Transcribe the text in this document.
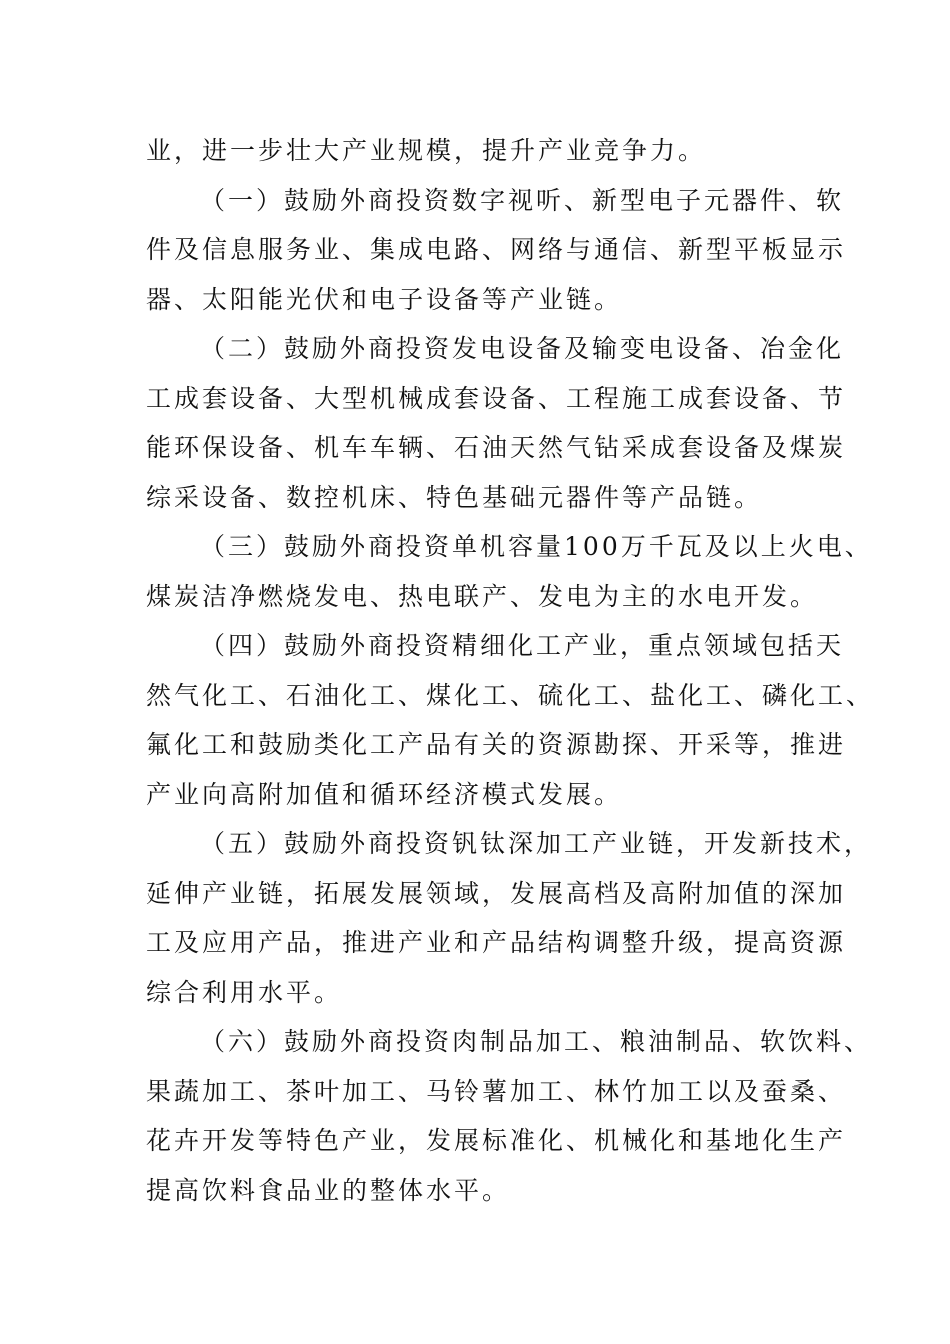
业，进一步壮大产业规模，提升产业竞争力。
（一）鼓励外商投资数字视听、新型电子元器件、软
件及信息服务业、集成电路、网络与通信、新型平板显示
器、太阳能光伏和电子设备等产业链。
（二）鼓励外商投资发电设备及输变电设备、冶金化
工成套设备、大型机械成套设备、工程施工成套设备、节
能环保设备、机车车辆、石油天然气钻采成套设备及煤炭
综采设备、数控机床、特色基础元器件等产品链。
（三）鼓励外商投资单机容量100万千瓦及以上火电、
煤炭洁净燃烧发电、热电联产、发电为主的水电开发。
（四）鼓励外商投资精细化工产业，重点领域包括天
然气化工、石油化工、煤化工、硫化工、盐化工、磷化工、
氟化工和鼓励类化工产品有关的资源勘探、开采等，推进
产业向高附加值和循环经济模式发展。
（五）鼓励外商投资钒钛深加工产业链，开发新技术，
延伸产业链，拓展发展领域，发展高档及高附加值的深加
工及应用产品，推进产业和产品结构调整升级，提高资源
综合利用水平。
（六）鼓励外商投资肉制品加工、粮油制品、软饮料、
果蔬加工、茶叶加工、马铃薯加工、林竹加工以及蚕桑、
花卉开发等特色产业，发展标准化、机械化和基地化生产
提高饮料食品业的整体水平。
